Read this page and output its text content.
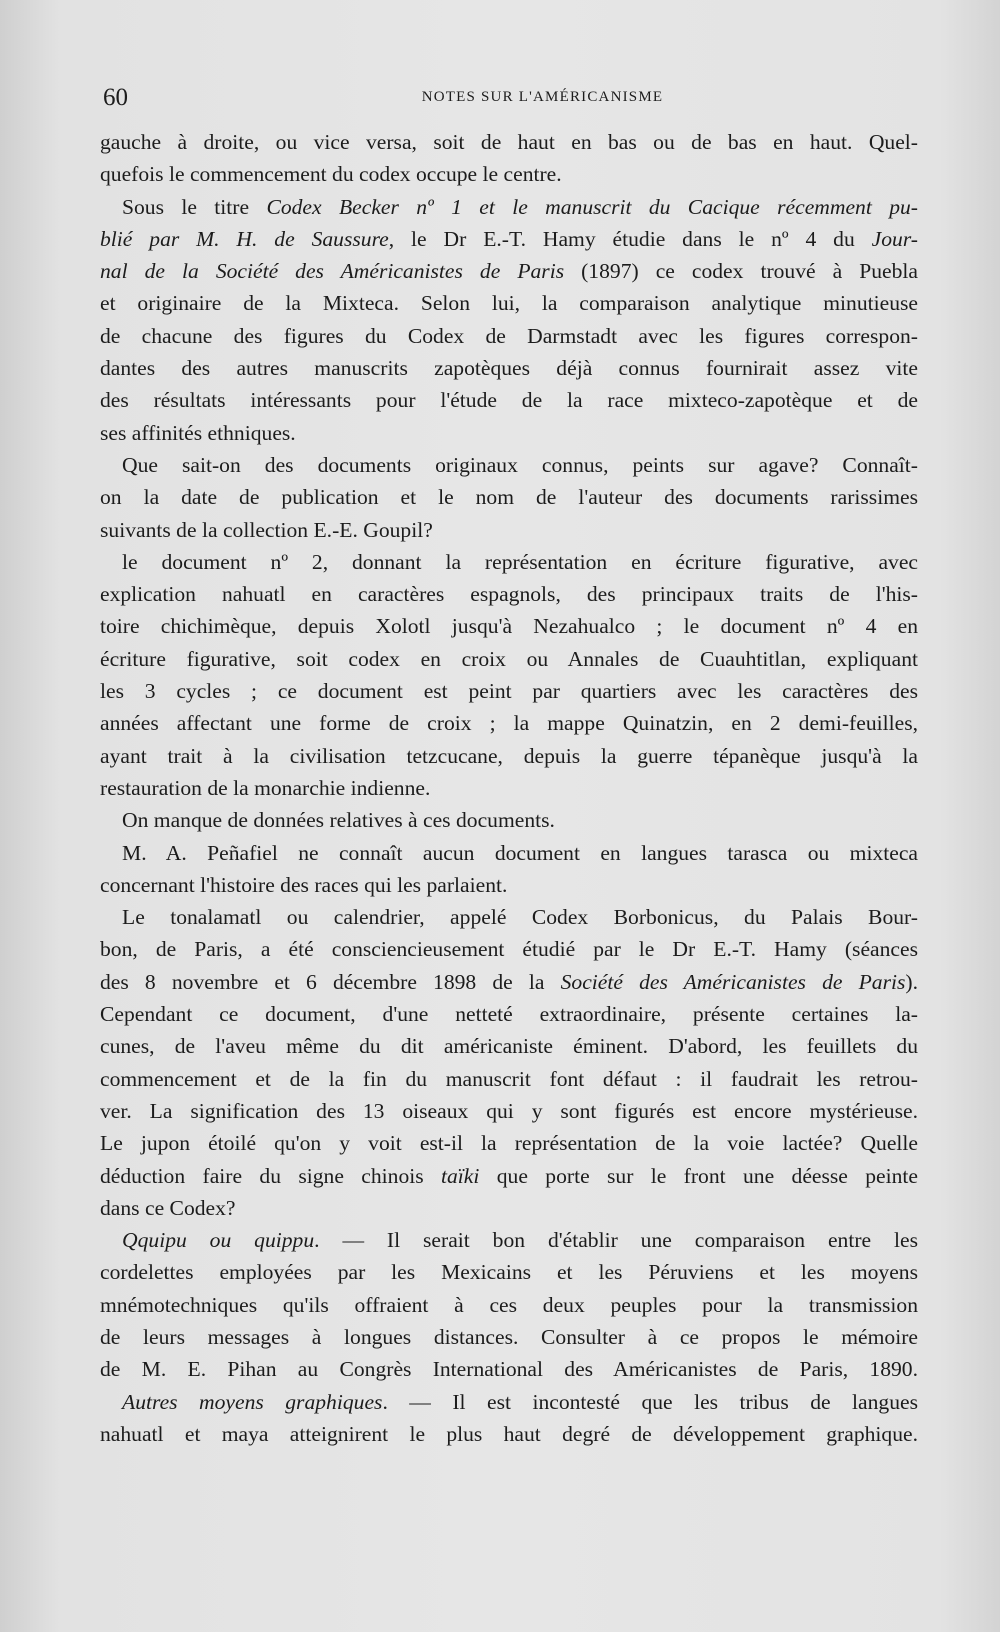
60	NOTES SUR L'AMÉRICANISME
gauche à droite, ou vice versa, soit de haut en bas ou de bas en haut. Quel-
quefois le commencement du codex occupe le centre.
Sous le titre Codex Becker nº 1 et le manuscrit du Cacique récemment pu-
blié par M. H. de Saussure, le Dr E.-T. Hamy étudie dans le nº 4 du Jour-
nal de la Société des Américanistes de Paris (1897) ce codex trouvé à Puebla
et originaire de la Mixteca. Selon lui, la comparaison analytique minutieuse
de chacune des figures du Codex de Darmstadt avec les figures correspon-
dantes des autres manuscrits zapotèques déjà connus fournirait assez vite
des résultats intéressants pour l'étude de la race mixteco-zapotèque et de
ses affinités ethniques.
Que sait-on des documents originaux connus, peints sur agave? Connaît-
on la date de publication et le nom de l'auteur des documents rarissimes
suivants de la collection E.-E. Goupil?
le document nº 2, donnant la représentation en écriture figurative, avec
explication nahuatl en caractères espagnols, des principaux traits de l'his-
toire chichimèque, depuis Xolotl jusqu'à Nezahualco ; le document nº 4 en
écriture figurative, soit codex en croix ou Annales de Cuauhtitlan, expliquant
les 3 cycles ; ce document est peint par quartiers avec les caractères des
années affectant une forme de croix ; la mappe Quinatzin, en 2 demi-feuilles,
ayant trait à la civilisation tetzcucane, depuis la guerre tépanèque jusqu'à la
restauration de la monarchie indienne.
On manque de données relatives à ces documents.
M. A. Peñafiel ne connaît aucun document en langues tarasca ou mixteca
concernant l'histoire des races qui les parlaient.
Le tonalamatl ou calendrier, appelé Codex Borbonicus, du Palais Bour-
bon, de Paris, a été consciencieusement étudié par le Dr E.-T. Hamy (séances
des 8 novembre et 6 décembre 1898 de la Société des Américanistes de Paris).
Cependant ce document, d'une netteté extraordinaire, présente certaines la-
cunes, de l'aveu même du dit américaniste éminent. D'abord, les feuillets du
commencement et de la fin du manuscrit font défaut : il faudrait les retrou-
ver. La signification des 13 oiseaux qui y sont figurés est encore mystérieuse.
Le jupon étoilé qu'on y voit est-il la représentation de la voie lactée? Quelle
déduction faire du signe chinois taïki que porte sur le front une déesse peinte
dans ce Codex?
Qquipu ou quippu. — Il serait bon d'établir une comparaison entre les
cordelettes employées par les Mexicains et les Péruviens et les moyens
mnémotechniques qu'ils offraient à ces deux peuples pour la transmission
de leurs messages à longues distances. Consulter à ce propos le mémoire
de M. E. Pihan au Congrès International des Américanistes de Paris, 1890.
Autres moyens graphiques. — Il est incontesté que les tribus de langues
nahuatl et maya atteignirent le plus haut degré de développement graphique.
